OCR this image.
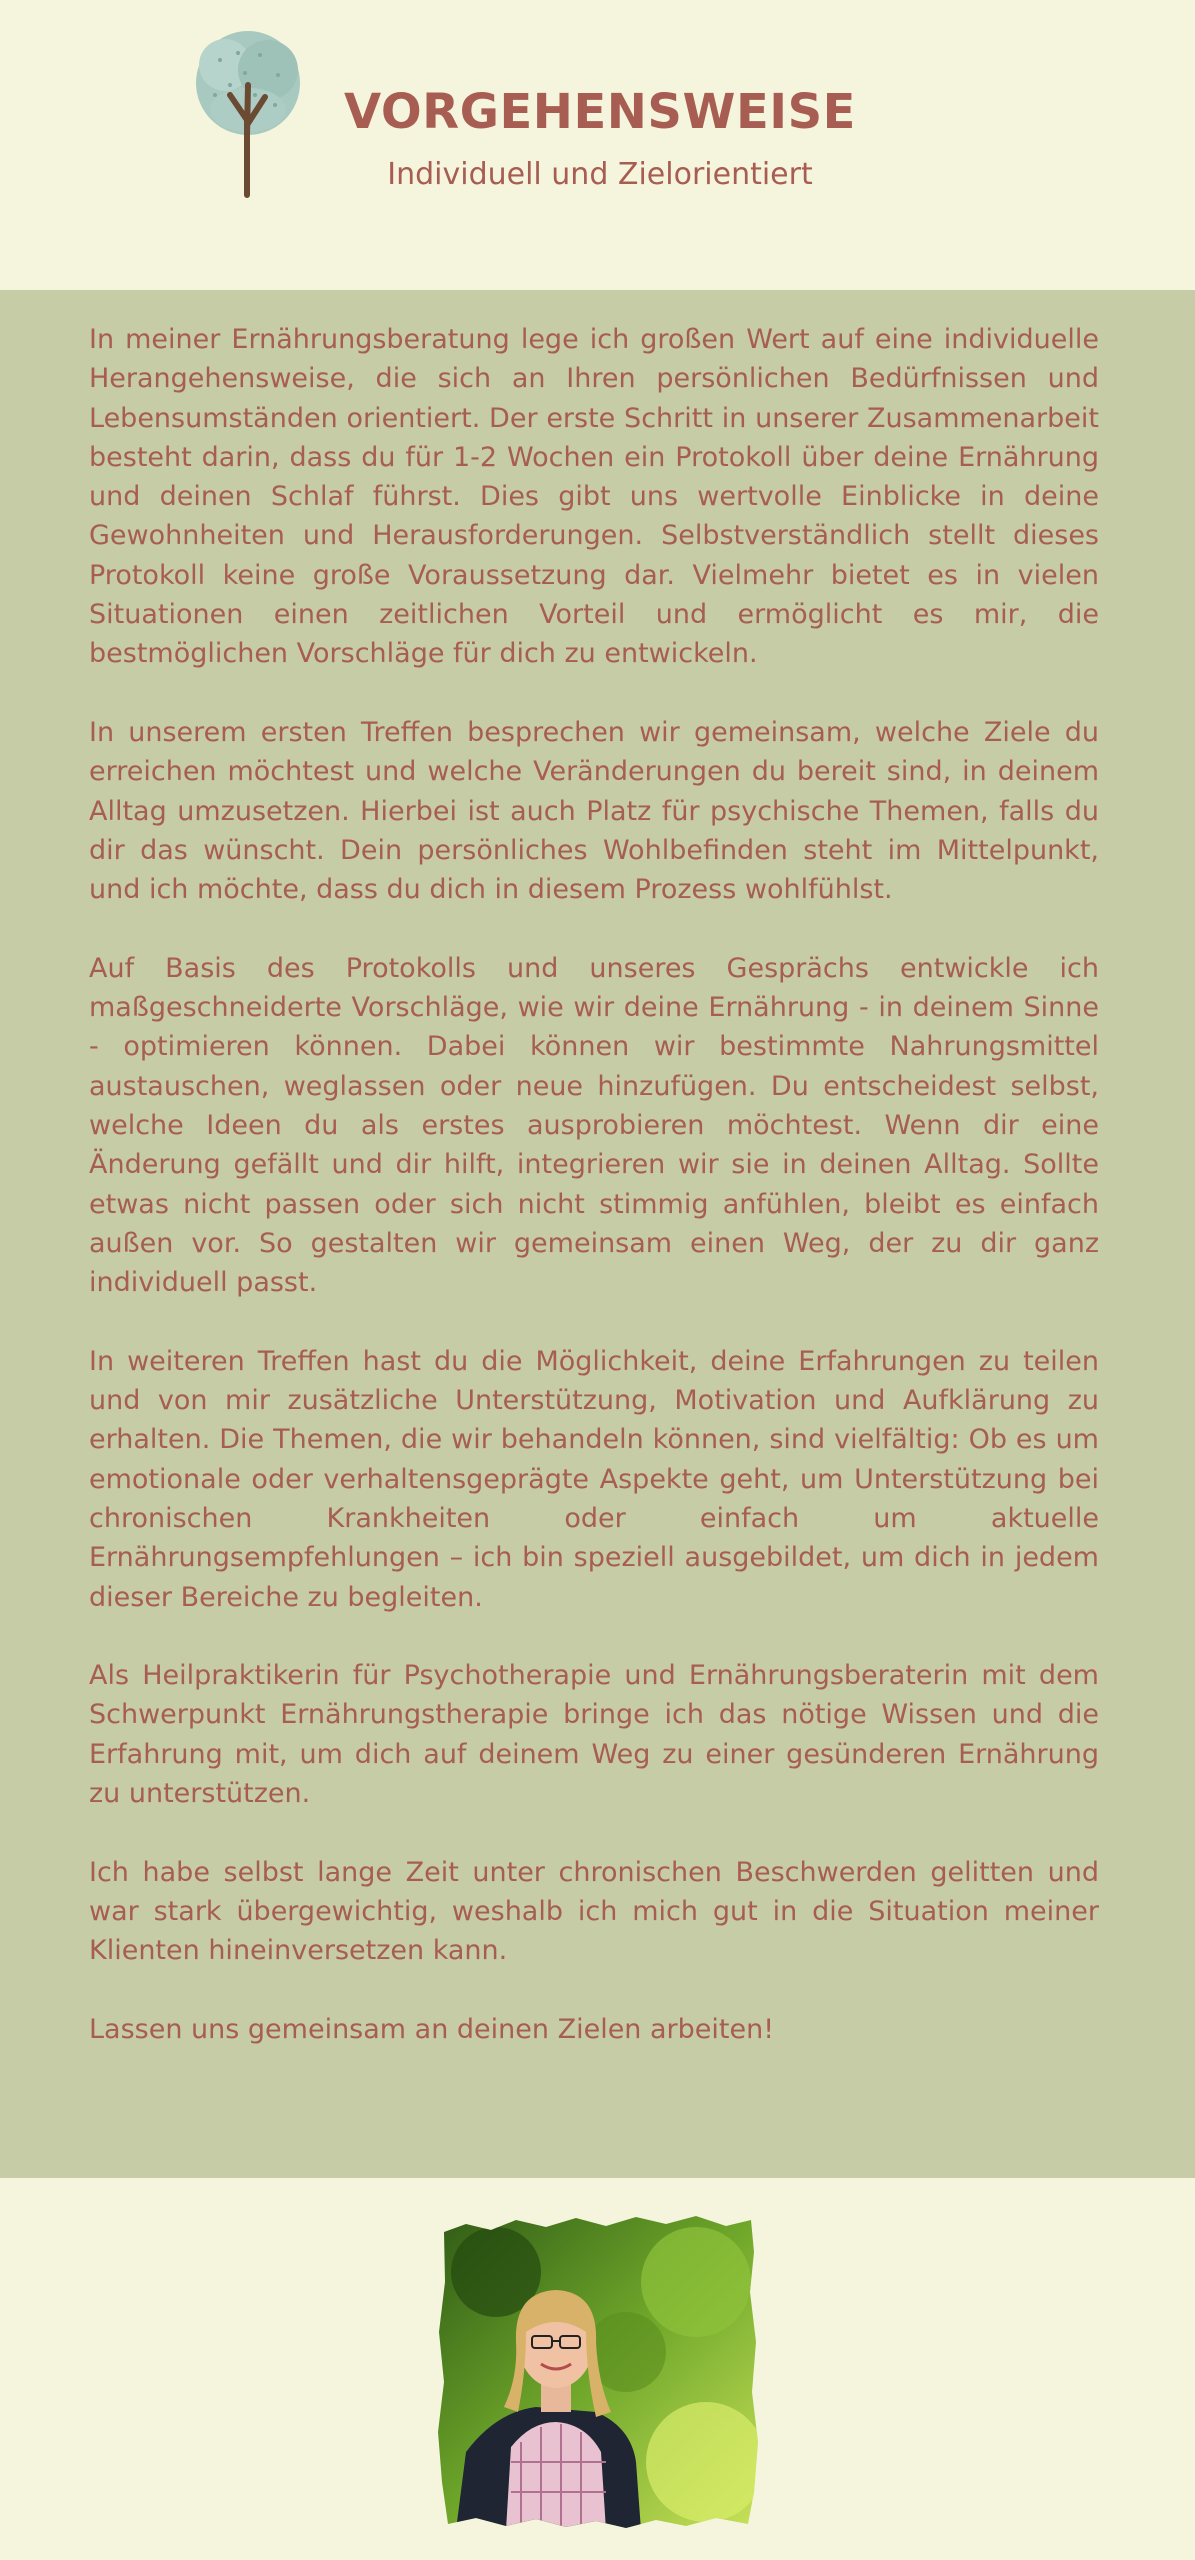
VORGEHENSWEISE
Individuell und Zielorientiert

In meiner Ernährungsberatung lege ich großen Wert auf eine individuelle Herangehensweise, die sich an Ihren persönlichen Bedürfnissen und Lebensumständen orientiert. Der erste Schritt in unserer Zusammenarbeit besteht darin, dass du für 1-2 Wochen ein Protokoll über deine Ernährung und deinen Schlaf führst. Dies gibt uns wertvolle Einblicke in deine Gewohnheiten und Herausforderungen. Selbstverständlich stellt dieses Protokoll keine große Voraussetzung dar. Vielmehr bietet es in vielen Situationen einen zeitlichen Vorteil und ermöglicht es mir, die bestmöglichen Vorschläge für dich zu entwickeln.

In unserem ersten Treffen besprechen wir gemeinsam, welche Ziele du erreichen möchtest und welche Veränderungen du bereit sind, in deinem Alltag umzusetzen. Hierbei ist auch Platz für psychische Themen, falls du dir das wünscht. Dein persönliches Wohlbefinden steht im Mittelpunkt, und ich möchte, dass du dich in diesem Prozess wohlfühlst.

Auf Basis des Protokolls und unseres Gesprächs entwickle ich maßgeschneiderte Vorschläge, wie wir deine Ernährung - in deinem Sinne - optimieren können. Dabei können wir bestimmte Nahrungsmittel austauschen, weglassen oder neue hinzufügen. Du entscheidest selbst, welche Ideen du als erstes ausprobieren möchtest. Wenn dir eine Änderung gefällt und dir hilft, integrieren wir sie in deinen Alltag. Sollte etwas nicht passen oder sich nicht stimmig anfühlen, bleibt es einfach außen vor. So gestalten wir gemeinsam einen Weg, der zu dir ganz individuell passt.

In weiteren Treffen hast du die Möglichkeit, deine Erfahrungen zu teilen und von mir zusätzliche Unterstützung, Motivation und Aufklärung zu erhalten. Die Themen, die wir behandeln können, sind vielfältig: Ob es um emotionale oder verhaltensgeprägte Aspekte geht, um Unterstützung bei chronischen Krankheiten oder einfach um aktuelle Ernährungsempfehlungen – ich bin speziell ausgebildet, um dich in jedem dieser Bereiche zu begleiten.

Als Heilpraktikerin für Psychotherapie und Ernährungsberaterin mit dem Schwerpunkt Ernährungstherapie bringe ich das nötige Wissen und die Erfahrung mit, um dich auf deinem Weg zu einer gesünderen Ernährung zu unterstützen.

Ich habe selbst lange Zeit unter chronischen Beschwerden gelitten und war stark übergewichtig, weshalb ich mich gut in die Situation meiner Klienten hineinversetzen kann.

Lassen uns gemeinsam an deinen Zielen arbeiten!
